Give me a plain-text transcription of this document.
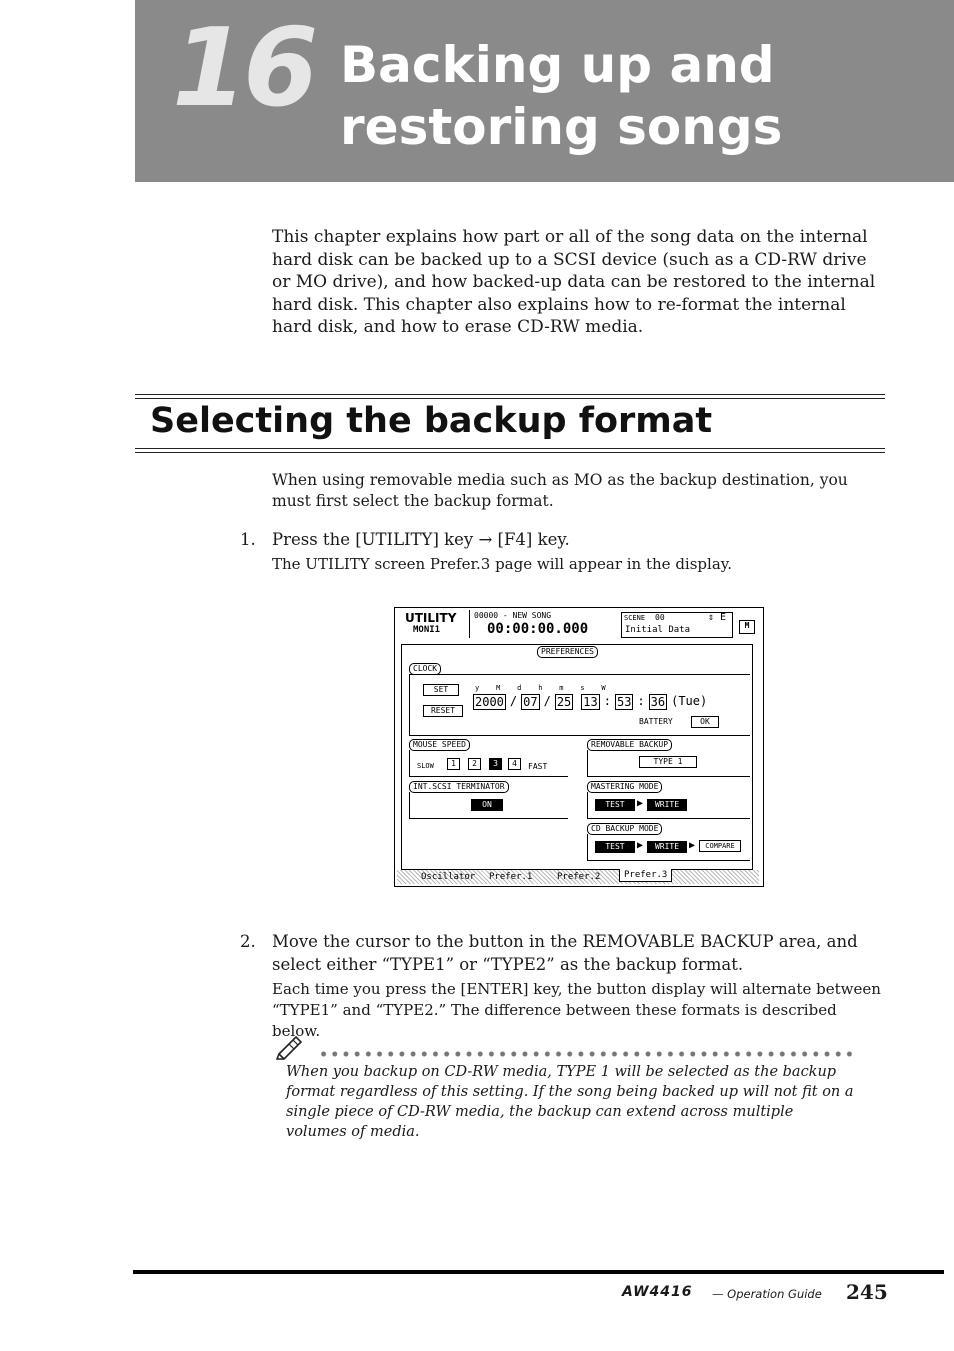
16 Backing up and
restoring songs
This chapter explains how part or all of the song data on the internal hard disk can be backed up to a SCSI device (such as a CD-RW drive or MO drive), and how backed-up data can be restored to the internal hard disk. This chapter also explains how to re-format the internal hard disk, and how to erase CD-RW media.
Selecting the backup format
When using removable media such as MO as the backup destination, you must first select the backup format.
1. Press the [UTILITY] key → [F4] key.
The UTILITY screen Prefer.3 page will appear in the display.
UTILITY
MONI1
00000 - NEW SONG
00:00:00.000
SCENE 00	⇕ E
Initial Data	M
PREFERENCES
CLOCK
SET
RESET
y    M    d    h    m    s    W
2000 / 07 / 25 13 : 53 : 36 (Tue)
BATTERY	OK
MOUSE SPEED
SLOW	1	2	3	4	FAST
INT.SCSI TERMINATOR
ON
REMOVABLE BACKUP
TYPE 1
MASTERING MODE
TEST	▶	WRITE
CD BACKUP MODE
TEST	▶	WRITE ▶	COMPARE
Oscillator	Prefer.1	Prefer.2	Prefer.3
2. Move the cursor to the button in the REMOVABLE BACKUP area, and select either “TYPE1” or “TYPE2” as the backup format.
Each time you press the [ENTER] key, the button display will alternate between “TYPE1” and “TYPE2.” The difference between these formats is described below.
When you backup on CD-RW media, TYPE 1 will be selected as the backup format regardless of this setting. If the song being backed up will not fit on a single piece of CD-RW media, the backup can extend across multiple volumes of media.
AW4416 — Operation Guide 245
